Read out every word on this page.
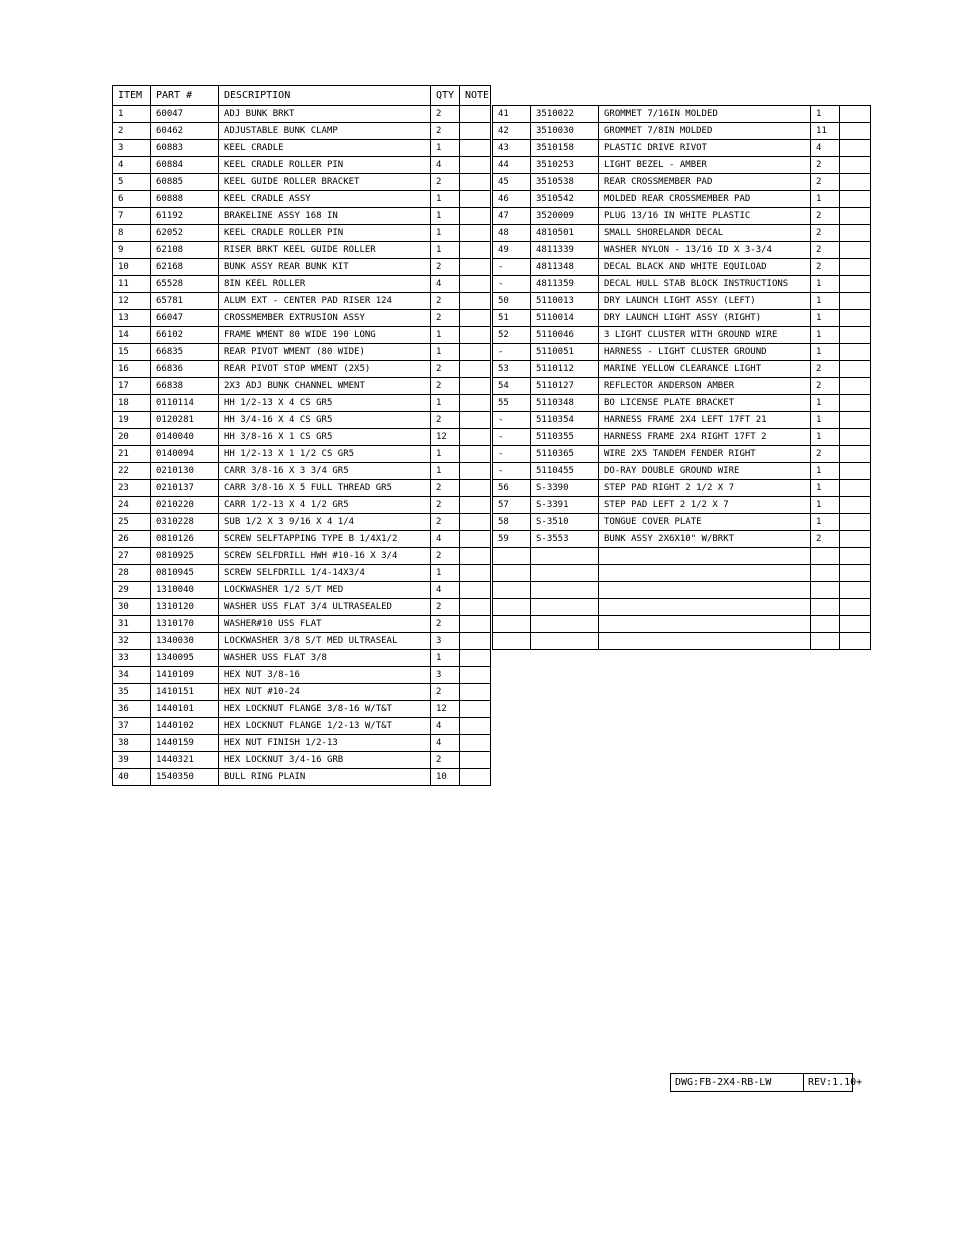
ITEM	PART #	DESCRIPTION	QTY	NOTE
1	60047	ADJ BUNK BRKT	2	
2	60462	ADJUSTABLE BUNK CLAMP	2	
3	60883	KEEL CRADLE	1	
4	60884	KEEL CRADLE ROLLER PIN	4	
5	60885	KEEL GUIDE ROLLER BRACKET	2	
6	60888	KEEL CRADLE ASSY	1	
7	61192	BRAKELINE ASSY 168 IN	1	
8	62052	KEEL CRADLE ROLLER PIN	1	
9	62108	RISER BRKT KEEL GUIDE ROLLER	1	
10	62168	BUNK ASSY REAR BUNK KIT	2	
11	65528	8IN KEEL ROLLER	4	
12	65781	ALUM EXT - CENTER PAD RISER 124	2	
13	66047	CROSSMEMBER EXTRUSION ASSY	2	
14	66102	FRAME WMENT 80 WIDE 190 LONG	1	
15	66835	REAR PIVOT WMENT (80 WIDE)	1	
16	66836	REAR PIVOT STOP WMENT (2X5)	2	
17	66838	2X3 ADJ BUNK CHANNEL WMENT	2	
18	0110114	HH 1/2-13 X 4 CS GR5	1	
19	0120281	HH 3/4-16 X 4 CS GR5	2	
20	0140040	HH 3/8-16 X 1 CS GR5	12	
21	0140094	HH 1/2-13 X 1 1/2 CS GR5	1	
22	0210130	CARR 3/8-16 X 3 3/4 GR5	1	
23	0210137	CARR 3/8-16 X 5 FULL THREAD GR5	2	
24	0210220	CARR 1/2-13 X 4 1/2 GR5	2	
25	0310228	SUB 1/2 X 3 9/16 X 4 1/4	2	
26	0810126	SCREW SELFTAPPING TYPE B 1/4X1/2	4	
27	0810925	SCREW SELFDRILL HWH #10-16 X 3/4	2	
28	0810945	SCREW SELFDRILL 1/4-14X3/4	1	
29	1310040	LOCKWASHER 1/2 S/T MED	4	
30	1310120	WASHER USS FLAT 3/4 ULTRASEALED	2	
31	1310170	WASHER#10 USS FLAT	2	
32	1340030	LOCKWASHER 3/8 S/T MED ULTRASEAL	3	
33	1340095	WASHER USS FLAT 3/8	1	
34	1410109	HEX NUT 3/8-16	3	
35	1410151	HEX NUT #10-24	2	
36	1440101	HEX LOCKNUT FLANGE 3/8-16 W/T&T	12	
37	1440102	HEX LOCKNUT FLANGE 1/2-13 W/T&T	4	
38	1440159	HEX NUT FINISH 1/2-13	4	
39	1440321	HEX LOCKNUT 3/4-16 GRB	2	
40	1540350	BULL RING PLAIN	10	
41	3510022	GROMMET 7/16IN MOLDED	1	
42	3510030	GROMMET 7/8IN MOLDED	11	
43	3510158	PLASTIC DRIVE RIVOT	4	
44	3510253	LIGHT BEZEL - AMBER	2	
45	3510538	REAR CROSSMEMBER PAD	2	
46	3510542	MOLDED REAR CROSSMEMBER PAD	1	
47	3520009	PLUG 13/16 IN WHITE PLASTIC	2	
48	4810501	SMALL SHORELANDR DECAL	2	
49	4811339	WASHER NYLON - 13/16 ID X 3-3/4	2	
-	4811348	DECAL BLACK AND WHITE EQUILOAD	2	
-	4811359	DECAL HULL STAB BLOCK INSTRUCTIONS	1	
50	5110013	DRY LAUNCH LIGHT ASSY (LEFT)	1	
51	5110014	DRY LAUNCH LIGHT ASSY (RIGHT)	1	
52	5110046	3 LIGHT CLUSTER WITH GROUND WIRE	1	
-	5110051	HARNESS - LIGHT CLUSTER GROUND	1	
53	5110112	MARINE YELLOW CLEARANCE LIGHT	2	
54	5110127	REFLECTOR ANDERSON AMBER	2	
55	5110348	BO LICENSE PLATE BRACKET	1	
-	5110354	HARNESS FRAME 2X4 LEFT 17FT 21	1	
-	5110355	HARNESS FRAME 2X4 RIGHT 17FT 2	1	
-	5110365	WIRE 2X5 TANDEM FENDER RIGHT	2	
-	5110455	DO-RAY DOUBLE GROUND WIRE	1	
56	S-3390	STEP PAD RIGHT 2 1/2 X 7	1	
57	S-3391	STEP PAD LEFT 2 1/2 X 7	1	
58	S-3510	TONGUE COVER PLATE	1	
59	S-3553	BUNK ASSY 2X6X10" W/BRKT	2	

DWG:FB-2X4-RB-LW	REV:1.10+
